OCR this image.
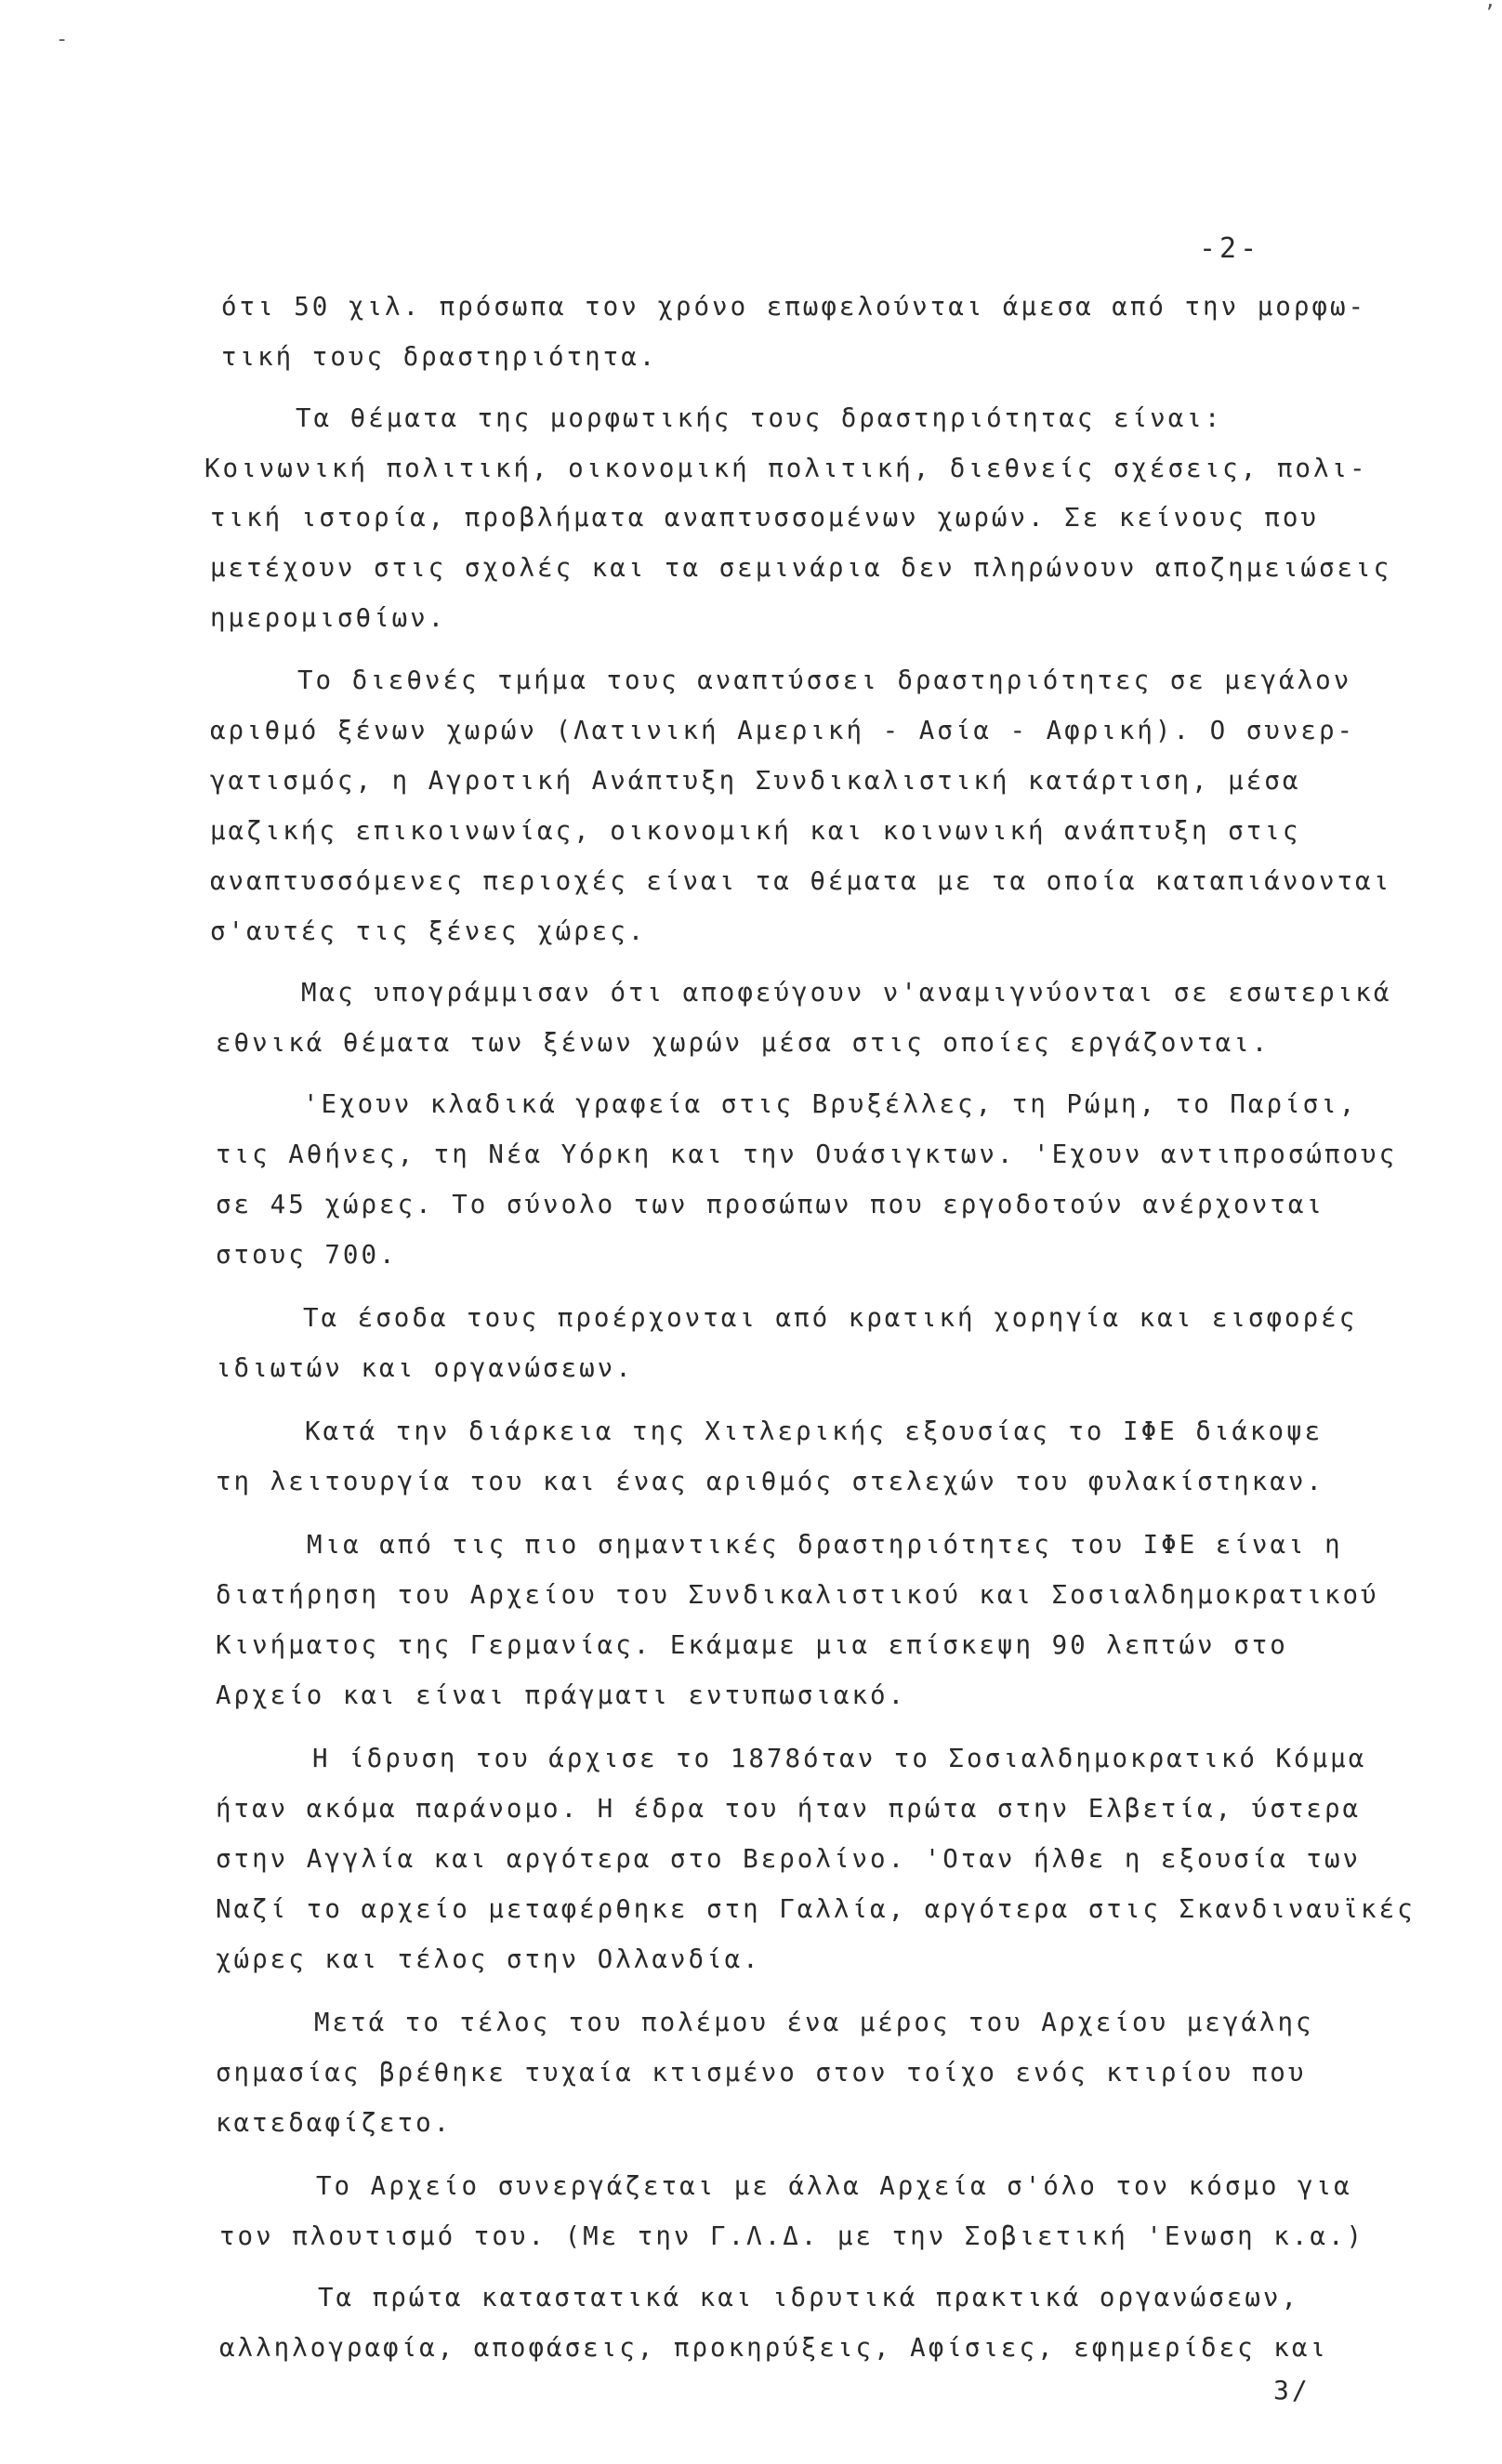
ʼ
-
-2-
ότι 50 χιλ. πρόσωπα τον χρόνο επωφελούνται άμεσα από την μορφω-
τική τους δραστηριότητα.
Τα θέματα της μορφωτικής τους δραστηριότητας είναι:
Κοινωνική πολιτική, οικονομική πολιτική, διεθνείς σχέσεις, πολι-
τική ιστορία, προβλήματα αναπτυσσομένων χωρών. Σε κείνους που
μετέχουν στις σχολές και τα σεμινάρια δεν πληρώνουν αποζημειώσεις
ημερομισθίων.
Το διεθνές τμήμα τους αναπτύσσει δραστηριότητες σε μεγάλον
αριθμό ξένων χωρών (Λατινική Αμερική - Ασία - Αφρική). Ο συνερ-
γατισμός, η Αγροτική Ανάπτυξη Συνδικαλιστική κατάρτιση, μέσα
μαζικής επικοινωνίας, οικονομική και κοινωνική ανάπτυξη στις
αναπτυσσόμενες περιοχές είναι τα θέματα με τα οποία καταπιάνονται
σ'αυτές τις ξένες χώρες.
Μας υπογράμμισαν ότι αποφεύγουν ν'αναμιγνύονται σε εσωτερικά
εθνικά θέματα των ξένων χωρών μέσα στις οποίες εργάζονται.
'Εχουν κλαδικά γραφεία στις Βρυξέλλες, τη Ρώμη, το Παρίσι,
τις Αθήνες, τη Νέα Υόρκη και την Ουάσιγκτων. 'Εχουν αντιπροσώπους
σε 45 χώρες. Το σύνολο των προσώπων που εργοδοτούν ανέρχονται
στους 700.
Τα έσοδα τους προέρχονται από κρατική χορηγία και εισφορές
ιδιωτών και οργανώσεων.
Κατά την διάρκεια της Χιτλερικής εξουσίας το ΙΦΕ διάκοψε
τη λειτουργία του και ένας αριθμός στελεχών του φυλακίστηκαν.
Μια από τις πιο σημαντικές δραστηριότητες του ΙΦΕ είναι η
διατήρηση του Αρχείου του Συνδικαλιστικού και Σοσιαλδημοκρατικού
Κινήματος της Γερμανίας. Εκάμαμε μια επίσκεψη 90 λεπτών στο
Αρχείο και είναι πράγματι εντυπωσιακό.
Η ίδρυση του άρχισε το 1878όταν το Σοσιαλδημοκρατικό Κόμμα
ήταν ακόμα παράνομο. Η έδρα του ήταν πρώτα στην Ελβετία, ύστερα
στην Αγγλία και αργότερα στο Βερολίνο. 'Οταν ήλθε η εξουσία των
Ναζί το αρχείο μεταφέρθηκε στη Γαλλία, αργότερα στις Σκανδιναυϊκές
χώρες και τέλος στην Ολλανδία.
Μετά το τέλος του πολέμου ένα μέρος του Αρχείου μεγάλης
σημασίας βρέθηκε τυχαία κτισμένο στον τοίχο ενός κτιρίου που
κατεδαφίζετο.
Το Αρχείο συνεργάζεται με άλλα Αρχεία σ'όλο τον κόσμο για
τον πλουτισμό του. (Με την Γ.Λ.Δ. με την Σοβιετική 'Ενωση κ.α.)
Τα πρώτα καταστατικά και ιδρυτικά πρακτικά οργανώσεων,
αλληλογραφία, αποφάσεις, προκηρύξεις, Αφίσιες, εφημερίδες και
3/
